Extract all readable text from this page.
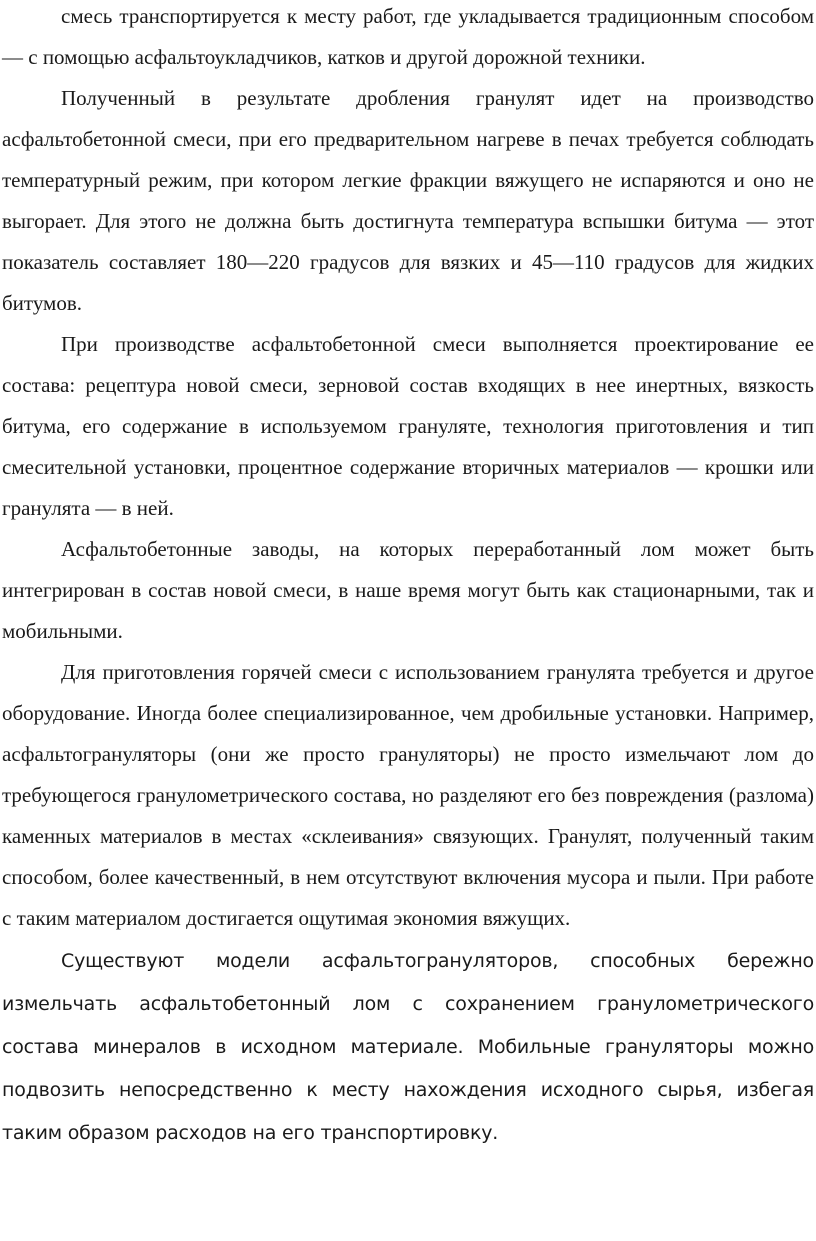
смесь транспортируется к месту работ, где укладывается традиционным способом — с помощью асфальтоукладчиков, катков и другой дорожной техники.

Полученный в результате дробления гранулят идет на производство асфальтобетонной смеси, при его предварительном нагреве в печах требуется соблюдать температурный режим, при котором легкие фракции вяжущего не испаряются и оно не выгорает. Для этого не должна быть достигнута температура вспышки битума — этот показатель составляет 180—220 градусов для вязких и 45—110 градусов для жидких битумов.

При производстве асфальтобетонной смеси выполняется проектирование ее состава: рецептура новой смеси, зерновой состав входящих в нее инертных, вязкость битума, его содержание в используемом грануляте, технология приготовления и тип смесительной установки, процентное содержание вторичных материалов — крошки или гранулята — в ней.

Асфальтобетонные заводы, на которых переработанный лом может быть интегрирован в состав новой смеси, в наше время могут быть как стационарными, так и мобильными.

Для приготовления горячей смеси с использованием гранулята требуется и другое оборудование. Иногда более специализированное, чем дробильные установки. Например, асфальтогрануляторы (они же просто грануляторы) не просто измельчают лом до требующегося гранулометрического состава, но разделяют его без повреждения (разлома) каменных материалов в местах «склеивания» связующих. Гранулят, полученный таким способом, более качественный, в нем отсутствуют включения мусора и пыли. При работе с таким материалом достигается ощутимая экономия вяжущих.

Существуют модели асфальтогрануляторов, способных бережно измельчать асфальтобетонный лом с сохранением гранулометрического состава минералов в исходном материале. Мобильные грануляторы можно подвозить непосредственно к месту нахождения исходного сырья, избегая таким образом расходов на его транспортировку.
